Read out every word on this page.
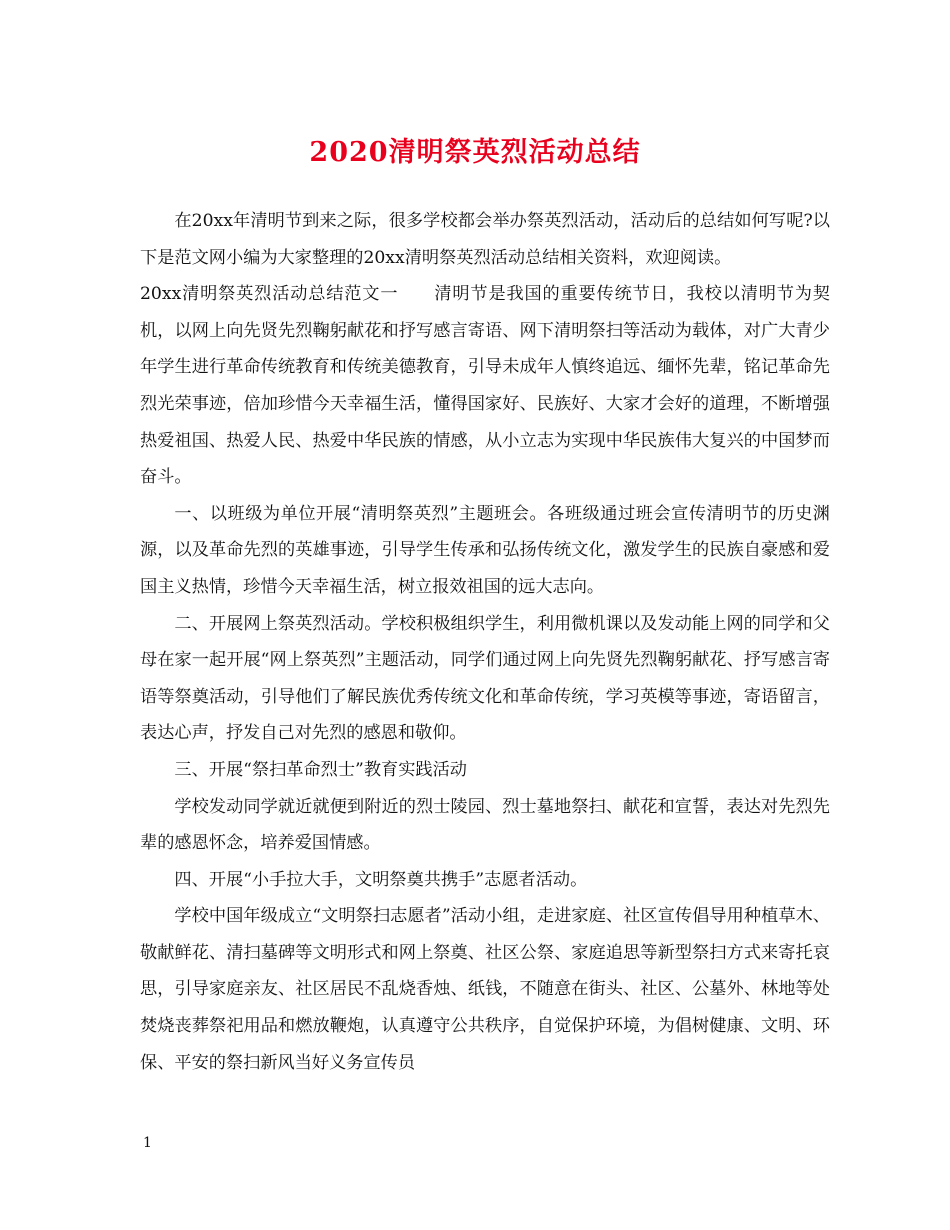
2020清明祭英烈活动总结

在20xx年清明节到来之际，很多学校都会举办祭英烈活动，活动后的总结如何写呢?以下是范文网小编为大家整理的20xx清明祭英烈活动总结相关资料，欢迎阅读。

20xx清明祭英烈活动总结范文一　　清明节是我国的重要传统节日，我校以清明节为契机，以网上向先贤先烈鞠躬献花和抒写感言寄语、网下清明祭扫等活动为载体，对广大青少年学生进行革命传统教育和传统美德教育，引导未成年人慎终追远、缅怀先辈，铭记革命先烈光荣事迹，倍加珍惜今天幸福生活，懂得国家好、民族好、大家才会好的道理，不断增强热爱祖国、热爱人民、热爱中华民族的情感，从小立志为实现中华民族伟大复兴的中国梦而奋斗。

一、以班级为单位开展“清明祭英烈”主题班会。各班级通过班会宣传清明节的历史渊源，以及革命先烈的英雄事迹，引导学生传承和弘扬传统文化，激发学生的民族自豪感和爱国主义热情，珍惜今天幸福生活，树立报效祖国的远大志向。

二、开展网上祭英烈活动。学校积极组织学生，利用微机课以及发动能上网的同学和父母在家一起开展“网上祭英烈”主题活动，同学们通过网上向先贤先烈鞠躬献花、抒写感言寄语等祭奠活动，引导他们了解民族优秀传统文化和革命传统，学习英模等事迹，寄语留言，表达心声，抒发自己对先烈的感恩和敬仰。

三、开展“祭扫革命烈士”教育实践活动

学校发动同学就近就便到附近的烈士陵园、烈士墓地祭扫、献花和宣誓，表达对先烈先辈的感恩怀念，培养爱国情感。

四、开展“小手拉大手，文明祭奠共携手”志愿者活动。

学校中国年级成立“文明祭扫志愿者”活动小组，走进家庭、社区宣传倡导用种植草木、敬献鲜花、清扫墓碑等文明形式和网上祭奠、社区公祭、家庭追思等新型祭扫方式来寄托哀思，引导家庭亲友、社区居民不乱烧香烛、纸钱，不随意在街头、社区、公墓外、林地等处焚烧丧葬祭祀用品和燃放鞭炮，认真遵守公共秩序，自觉保护环境，为倡树健康、文明、环保、平安的祭扫新风当好义务宣传员

1
